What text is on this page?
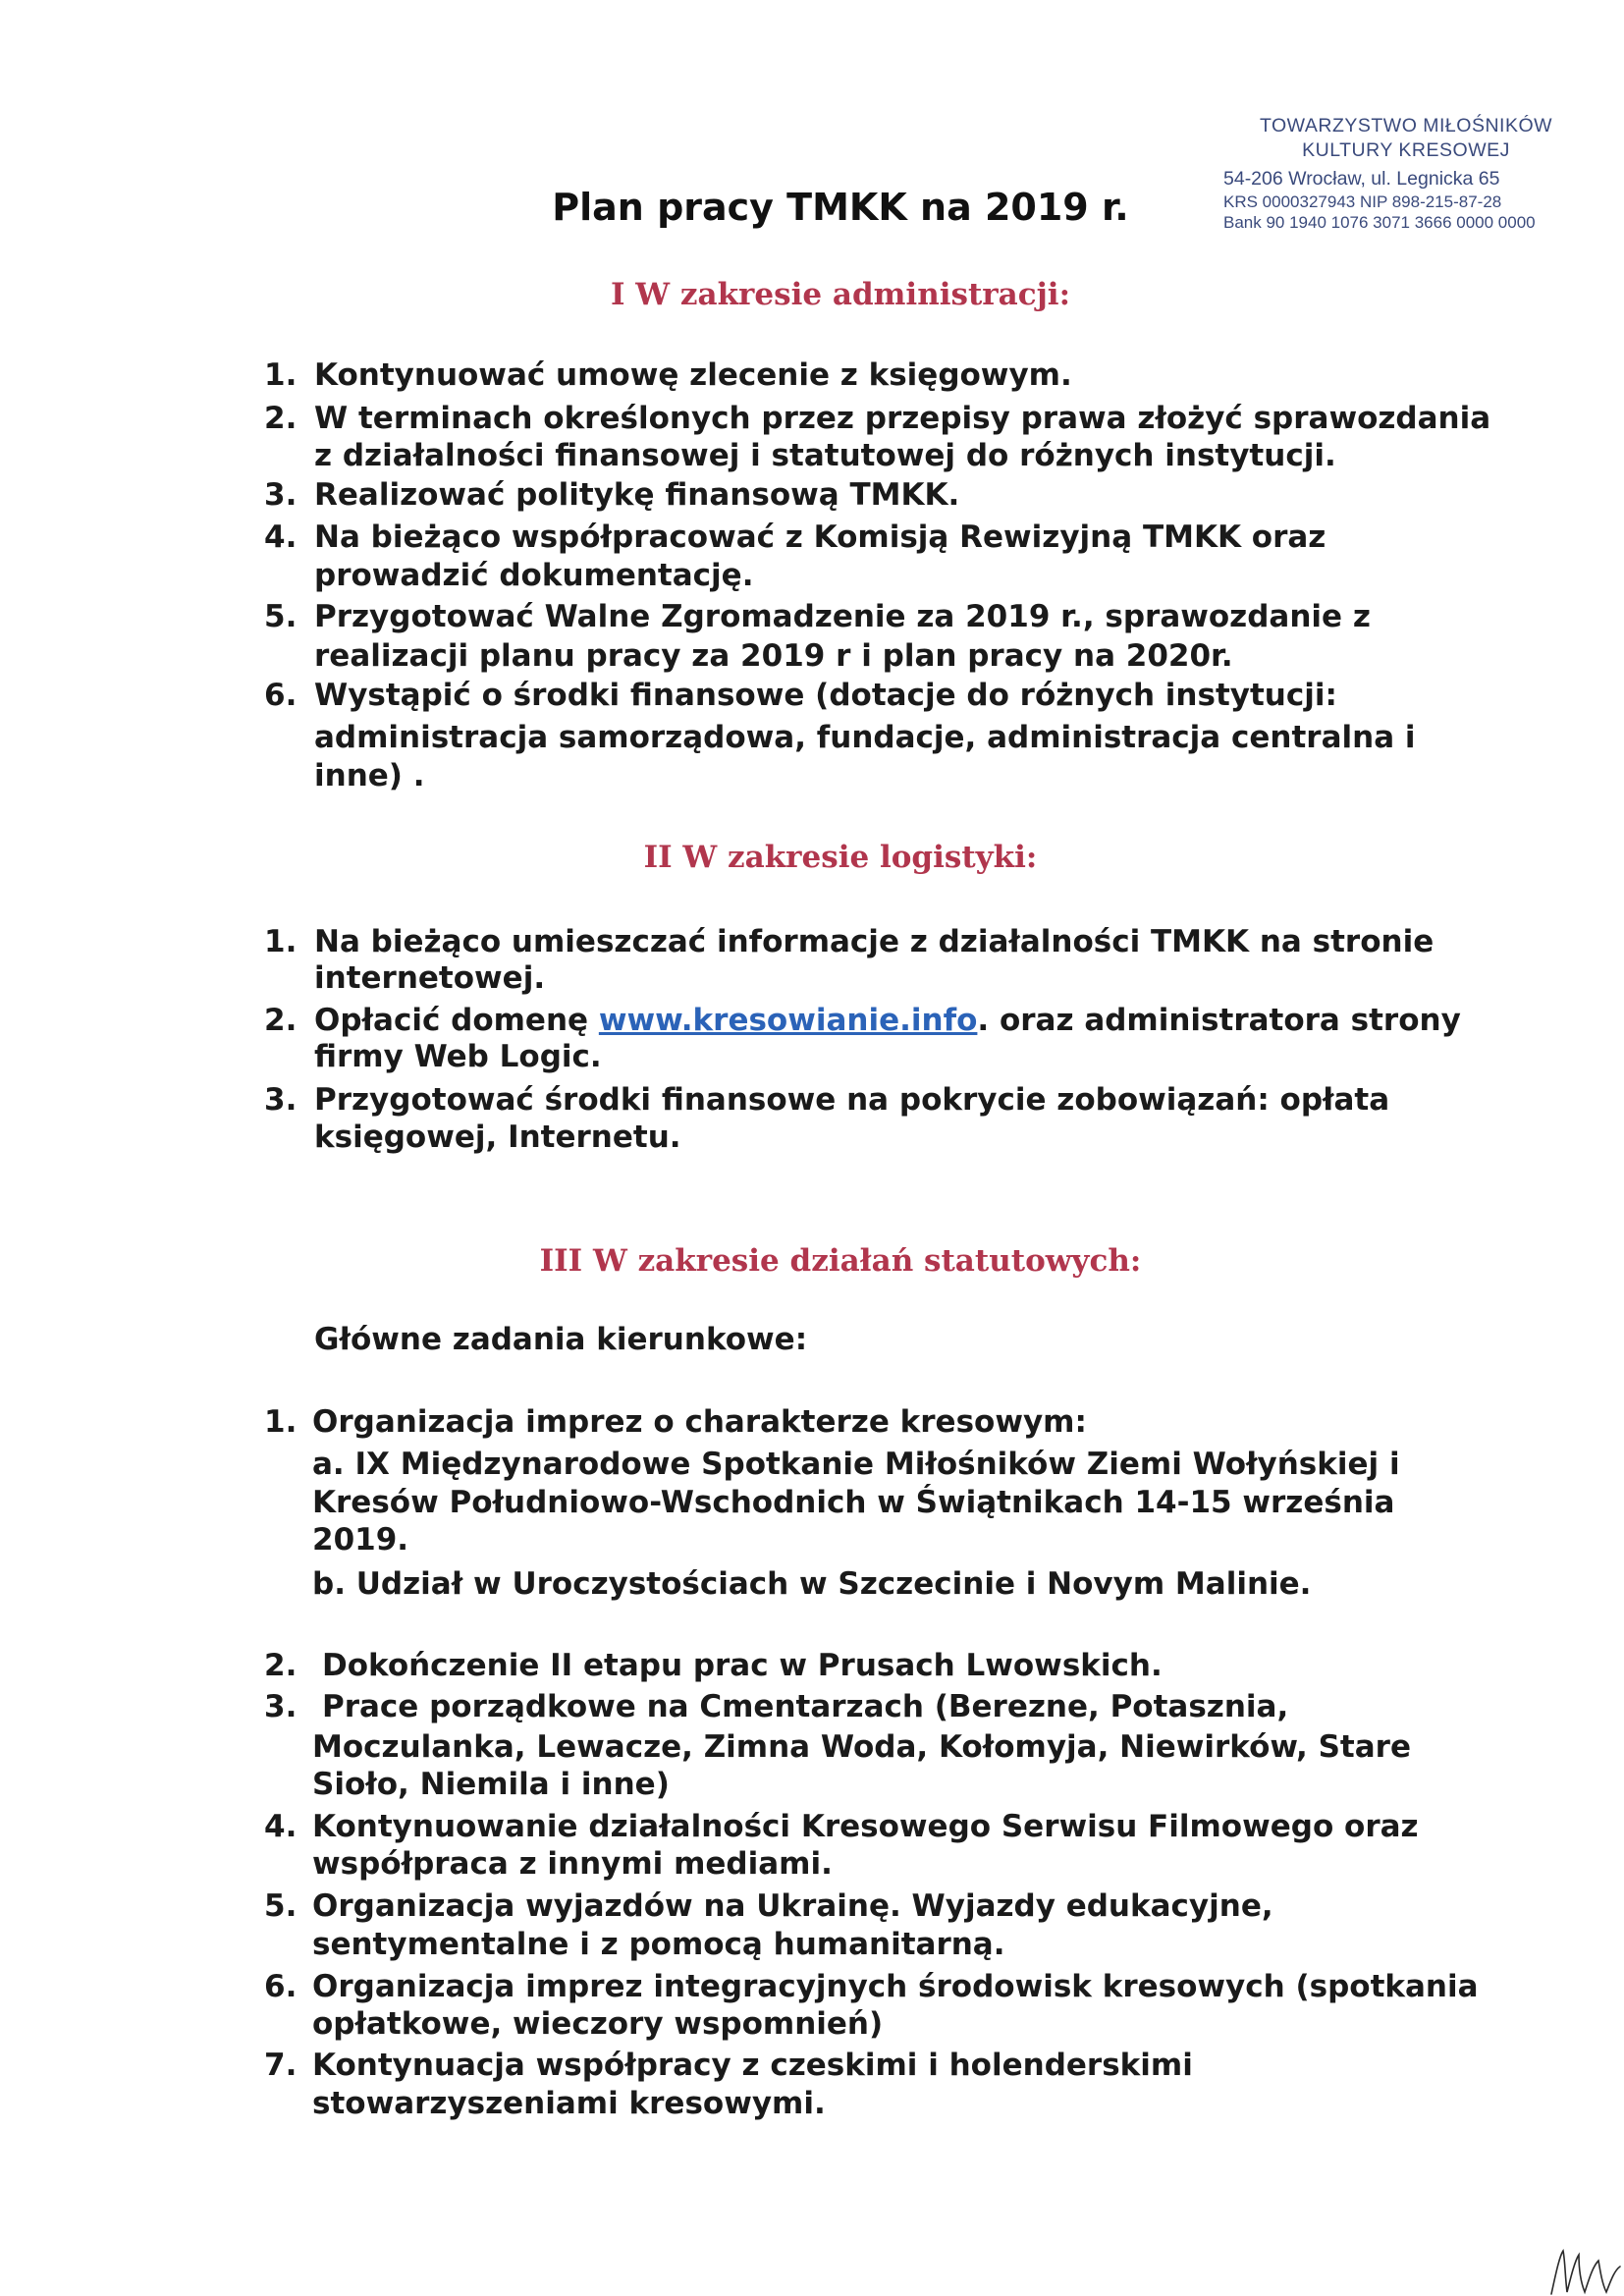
TOWARZYSTWO MIŁOŚNIKÓW
KULTURY KRESOWEJ
54-206 Wrocław, ul. Legnicka 65
KRS 0000327943 NIP 898-215-87-28
Bank 90 1940 1076 3071 3666 0000 0000
Plan pracy TMKK na 2019 r.
I W zakresie administracji:
II W zakresie logistyki:
III W zakresie działań statutowych:
1. Kontynuować umowę zlecenie z księgowym.
2. W terminach określonych przez przepisy prawa złożyć sprawozdania
z działalności finansowej i statutowej do różnych instytucji.
3. Realizować politykę finansową TMKK.
4. Na bieżąco współpracować z Komisją Rewizyjną TMKK oraz
prowadzić dokumentację.
5. Przygotować Walne Zgromadzenie za 2019 r., sprawozdanie z
realizacji planu pracy za 2019 r i plan pracy na 2020r.
6. Wystąpić o środki finansowe (dotacje do różnych instytucji:
administracja samorządowa, fundacje, administracja centralna i
inne) .
1. Na bieżąco umieszczać informacje z działalności TMKK na stronie
internetowej.
2. Opłacić domenę www.kresowianie.info. oraz administratora strony
firmy Web Logic.
3. Przygotować środki finansowe na pokrycie zobowiązań: opłata
księgowej, Internetu.
Główne zadania kierunkowe:
1. Organizacja imprez o charakterze kresowym:
a. IX Międzynarodowe Spotkanie Miłośników Ziemi Wołyńskiej i
Kresów Południowo-Wschodnich w Świątnikach 14-15 września
2019.
b. Udział w Uroczystościach w Szczecinie i Novym Malinie.
2. Dokończenie II etapu prac w Prusach Lwowskich.
3. Prace porządkowe na Cmentarzach (Berezne, Potasznia,
Moczulanka, Lewacze, Zimna Woda, Kołomyja, Niewirków, Stare
Sioło, Niemila i inne)
4. Kontynuowanie działalności Kresowego Serwisu Filmowego oraz
współpraca z innymi mediami.
5. Organizacja wyjazdów na Ukrainę. Wyjazdy edukacyjne,
sentymentalne i z pomocą humanitarną.
6. Organizacja imprez integracyjnych środowisk kresowych (spotkania
opłatkowe, wieczory wspomnień)
7. Kontynuacja współpracy z czeskimi i holenderskimi
stowarzyszeniami kresowymi.
